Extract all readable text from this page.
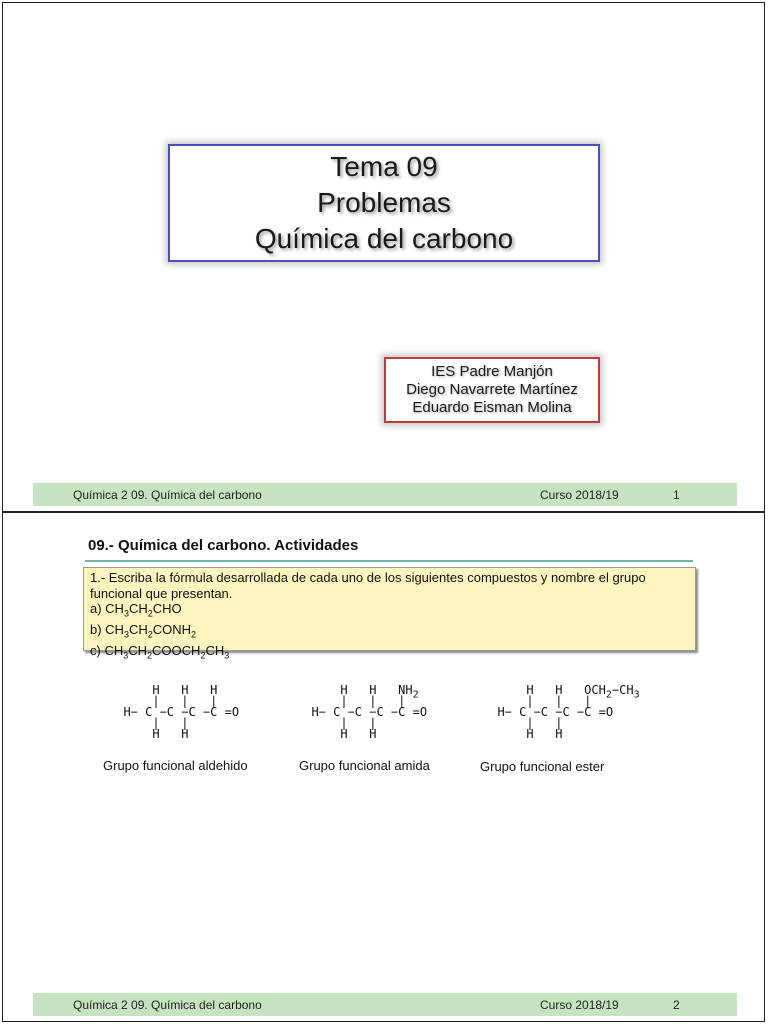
Tema 09
Problemas
Química del carbono
IES Padre Manjón
Diego Navarrete Martínez
Eduardo Eisman Molina
Química 2 09. Química del carbono	Curso 2018/19	1
09.- Química del carbono. Actividades
1.- Escriba la fórmula desarrollada de cada uno de los siguientes compuestos y nombre el grupo funcional que presentan.
a) $CH_3CH_2CHO$
b) $CH_3CH_2CONH_2$
c) $CH_3CH_2COOCH_2CH_3$
H   H   H
|   |   |
H− C −C −C −C =O
|   |
H   H
Grupo funcional aldehido
H   H   $NH_2$
|   |   |
H− C −C −C −C =O
|   |
H   H
Grupo funcional amida
H   H   $OCH_2-CH_3$
|   |   |
H− C −C −C −C =O
|   |
H   H
Grupo funcional ester
Química 2 09. Química del carbono	Curso 2018/19	2
